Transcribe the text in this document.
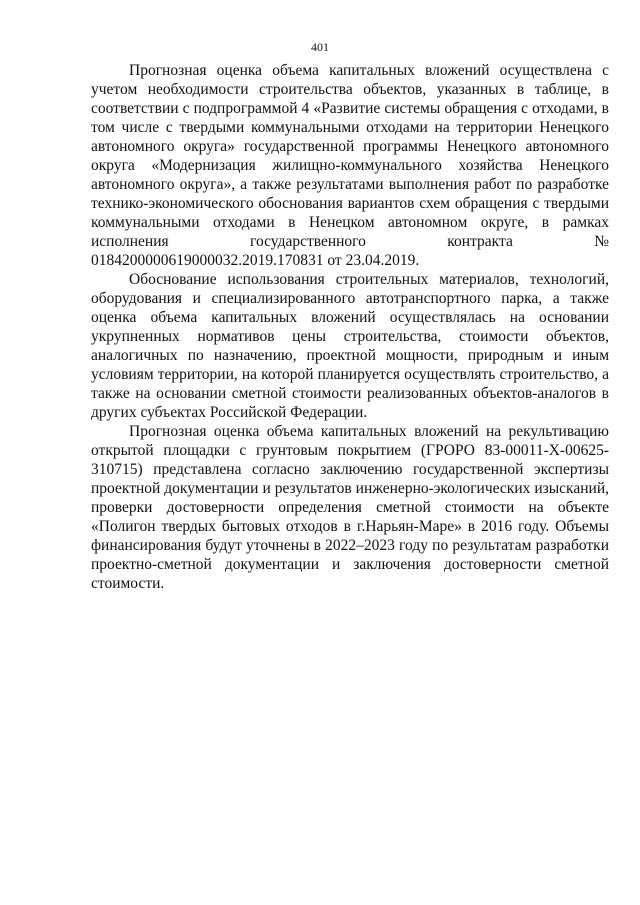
401

Прогнозная оценка объема капитальных вложений осуществлена с учетом необходимости строительства объектов, указанных в таблице, в соответствии с подпрограммой 4 «Развитие системы обращения с отходами, в том числе с твердыми коммунальными отходами на территории Ненецкого автономного округа» государственной программы Ненецкого автономного округа «Модернизация жилищно-коммунального хозяйства Ненецкого автономного округа», а также результатами выполнения работ по разработке технико-экономического обоснования вариантов схем обращения с твердыми коммунальными отходами в Ненецком автономном округе, в рамках исполнения государственного контракта № 0184200000619000032.2019.170831 от 23.04.2019.

Обоснование использования строительных материалов, технологий, оборудования и специализированного автотранспортного парка, а также оценка объема капитальных вложений осуществлялась на основании укрупненных нормативов цены строительства, стоимости объектов, аналогичных по назначению, проектной мощности, природным и иным условиям территории, на которой планируется осуществлять строительство, а также на основании сметной стоимости реализованных объектов-аналогов в других субъектах Российской Федерации.

Прогнозная оценка объема капитальных вложений на рекультивацию открытой площадки с грунтовым покрытием (ГРОРО 83-00011-Х-00625-310715) представлена согласно заключению государственной экспертизы проектной документации и результатов инженерно-экологических изысканий, проверки достоверности определения сметной стоимости на объекте «Полигон твердых бытовых отходов в г.Нарьян-Маре» в 2016 году. Объемы финансирования будут уточнены в 2022–2023 году по результатам разработки проектно-сметной документации и заключения достоверности сметной стоимости.
